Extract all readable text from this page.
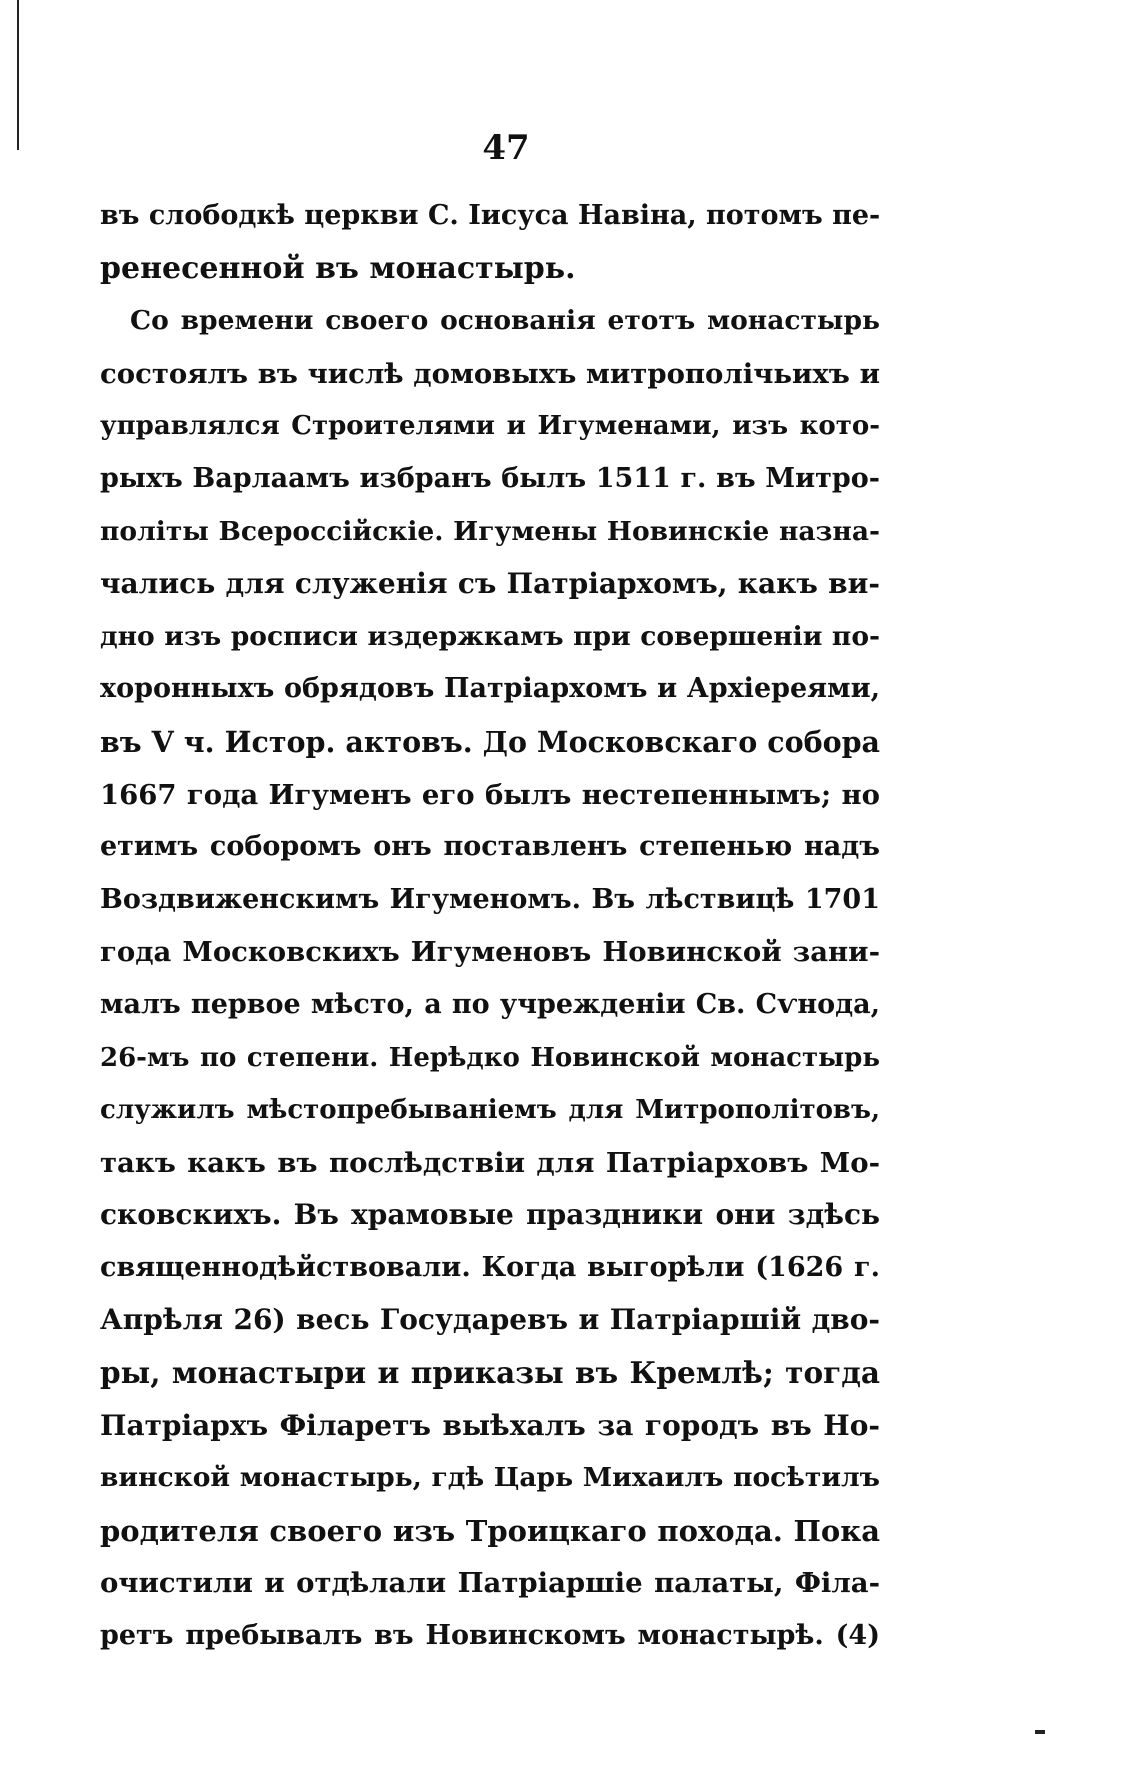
47
въ слободкѣ церкви С. Іисуса Навіна, потомъ пе-
ренесенной въ монастырь.
Со времени своего основанія етотъ монастырь
состоялъ въ числѣ домовыхъ митрополічьихъ и
управлялся Строителями и Игуменами, изъ кото-
рыхъ Варлаамъ избранъ былъ 1511 г. въ Митро-
політы Всероссійскіе. Игумены Новинскіе назна-
чались для служенія съ Патріархомъ, какъ ви-
дно изъ росписи издержкамъ при совершеніи по-
хоронныхъ обрядовъ Патріархомъ и Архіереями,
въ V ч. Истор. актовъ. До Московскаго собора
1667 года Игуменъ его былъ нестепеннымъ; но
етимъ соборомъ онъ поставленъ степенью надъ
Воздвиженскимъ Игуменомъ. Въ лѣствицѣ 1701
года Московскихъ Игуменовъ Новинской зани-
малъ первое мѣсто, а по учрежденіи Св. Сѵнода,
26-мъ по степени. Нерѣдко Новинской монастырь
служилъ мѣстопребываніемъ для Митрополітовъ,
такъ какъ въ послѣдствіи для Патріарховъ Мо-
сковскихъ. Въ храмовые праздники они здѣсь
священнодѣйствовали. Когда выгорѣли (1626 г.
Апрѣля 26) весь Государевъ и Патріаршій дво-
ры, монастыри и приказы въ Кремлѣ; тогда
Патріархъ Філаретъ выѣхалъ за городъ въ Но-
винской монастырь, гдѣ Царь Михаилъ посѣтилъ
родителя своего изъ Троицкаго похода. Пока
очистили и отдѣлали Патріаршіе палаты, Філа-
ретъ пребывалъ въ Новинскомъ монастырѣ. (4)
